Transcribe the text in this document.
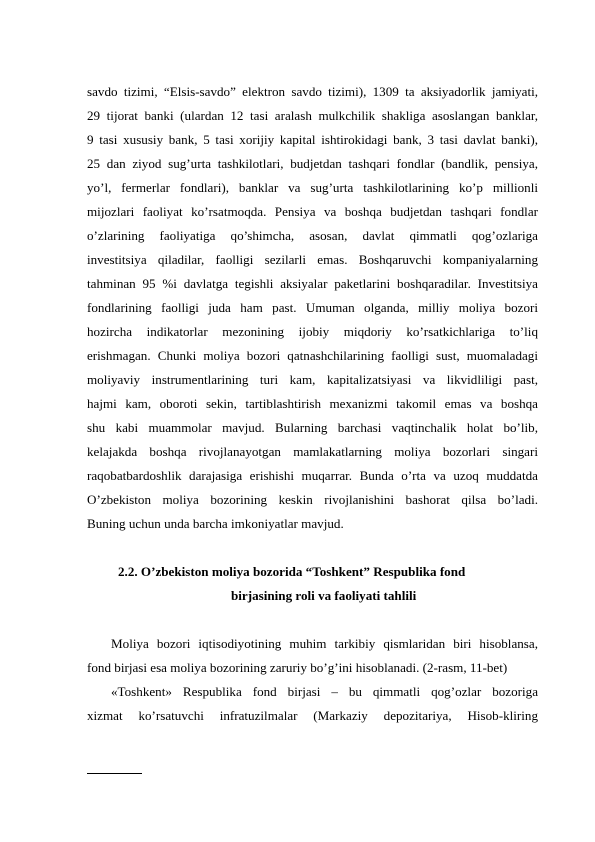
savdo tizimi, “Elsis-savdo” elektron savdo tizimi), 1309 ta aksiyadorlik jamiyati,
29 tijorat banki (ulardan 12 tasi aralash mulkchilik shakliga asoslangan banklar,
9 tasi xususiy bank, 5 tasi xorijiy kapital ishtirokidagi bank, 3 tasi davlat banki),
25 dan ziyod sug’urta tashkilotlari, budjetdan tashqari fondlar (bandlik, pensiya,
yo’l, fermerlar fondlari), banklar va sug’urta tashkilotlarining ko’p millionli
mijozlari faoliyat ko’rsatmoqda. Pensiya va boshqa budjetdan tashqari fondlar
o’zlarining faoliyatiga qo’shimcha, asosan, davlat qimmatli qog’ozlariga
investitsiya qiladilar, faolligi sezilarli emas. Boshqaruvchi kompaniyalarning
tahminan 95 %i davlatga tegishli aksiyalar paketlarini boshqaradilar. Investitsiya
fondlarining faolligi juda ham past. Umuman olganda, milliy moliya bozori
hozircha indikatorlar mezonining ijobiy miqdoriy ko’rsatkichlariga to’liq
erishmagan. Chunki moliya bozori qatnashchilarining faolligi sust, muomaladagi
moliyaviy instrumentlarining turi kam, kapitalizatsiyasi va likvidliligi past,
hajmi kam, oboroti sekin, tartiblashtirish mexanizmi takomil emas va boshqa
shu kabi muammolar mavjud. Bularning barchasi vaqtinchalik holat bo’lib,
kelajakda boshqa rivojlanayotgan mamlakatlarning moliya bozorlari singari
raqobatbardoshlik darajasiga erishishi muqarrar. Bunda o’rta va uzoq muddatda
O’zbekiston moliya bozorining keskin rivojlanishini bashorat qilsa bo’ladi.
Buning uchun unda barcha imkoniyatlar mavjud.
2.2. O’zbekiston moliya bozorida “Toshkent” Respublika fond
birjasining roli va faoliyati tahlili
Moliya bozori iqtisodiyotining muhim tarkibiy qismlaridan biri hisoblansa,
fond birjasi esa moliya bozorining zaruriy bo’g’ini hisoblanadi. (2-rasm, 11-bet)
«Toshkent» Respublika fond birjasi – bu qimmatli qog’ozlar bozoriga
xizmat ko’rsatuvchi infratuzilmalar (Markaziy depozitariya, Hisob-kliring
